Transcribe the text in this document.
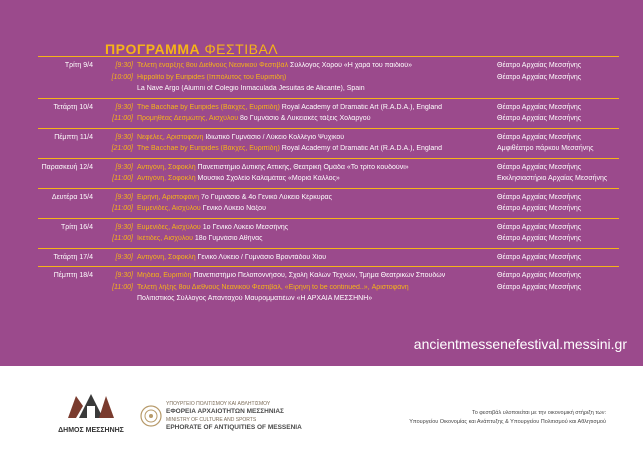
ΠΡΟΓΡΑΜΜΑ ΦΕΣΤΙΒΑΛ
Τρίτη 9/4	[9:30] Τελετή έναρξης 8ου Διεθνούς Νεανικού Φεστιβάλ Σύλλογος Χορού «Η χαρά του παιδιού»	Θέατρο Αρχαίας Μεσσήνης
[10:00] Hippolito by Euripides (Ιππόλυτος του Ευριπίδη)	Θέατρο Αρχαίας Μεσσήνης
La Nave Argo (Alumni of Colegio Inmaculada Jesuitas de Alicante), Spain
Τετάρτη 10/4	[9:30] The Bacchae by Euripides (Βάκχες, Ευριπίδη) Royal Academy of Dramatic Art (R.A.D.A.), England	Θέατρο Αρχαίας Μεσσήνης
[11:00] Προμηθέας Δεσμώτης, Αισχύλου 8ο Γυμνάσιο & Λυκειακές τάξεις Χολαργού	Θέατρο Αρχαίας Μεσσήνης
Πέμπτη 11/4	[9:30] Νεφέλες, Αριστοφάνη Ιδιωτικό Γυμνάσιο / Λύκειο Κολλέγιο Ψυχικού	Θέατρο Αρχαίας Μεσσήνης
[21:00] The Bacchae by Euripides (Βάκχες, Ευριπίδη) Royal Academy of Dramatic Art (R.A.D.A.), England	Αμφιθέατρο πάρκου Μεσσήνης
Παρασκευή 12/4	[9:30] Αντιγόνη, Σοφοκλή Πανεπιστήμιο Δυτικής Αττικής, Θεατρική Ομάδα «Το τρίτο κουδούνι»	Θέατρο Αρχαίας Μεσσήνης
[11:00] Αντιγόνη, Σοφοκλή Μουσικό Σχολείο Καλαμάτας «Μοριά Κάλλος»	Εκκλησιαστήριο Αρχαίας Μεσσήνης
Δευτέρα 15/4	[9:30] Ειρήνη, Αριστοφάνη 7ο Γυμνάσιο & 4ο Γενικό Λύκειο Κέρκυρας	Θέατρο Αρχαίας Μεσσήνης
[11:00] Ευμενίδες, Αισχύλου Γενικό Λύκειο Νάξου	Θέατρο Αρχαίας Μεσσήνης
Τρίτη 16/4	[9:30] Ευμενίδες, Αισχύλου 1ο Γενικό Λύκειο Μεσσήνης	Θέατρο Αρχαίας Μεσσήνης
[11:00] Ικέτιδες, Αισχύλου 18ο Γυμνάσιο Αθήνας	Θέατρο Αρχαίας Μεσσήνης
Τετάρτη 17/4	[9:30] Αντιγόνη, Σοφοκλή Γενικό Λύκειο / Γυμνάσιο Βροντάδου Χίου	Θέατρο Αρχαίας Μεσσήνης
Πέμπτη 18/4	[9:30] Μήδεια, Ευριπίδη Πανεπιστήμιο Πελοποννήσου, Σχολή Καλών Τεχνών, Τμήμα Θεατρικών Σπουδών	Θέατρο Αρχαίας Μεσσήνης
[11:00] Τελετή λήξης 8ου Διεθνούς Νεανικού Φεστιβάλ, «Ειρήνη to be continued..», Αριστοφάνη	Θέατρο Αρχαίας Μεσσήνης
Πολιτιστικός Σύλλογος Απανταχού Μαυρομματιέων «Η ΑΡΧΑΙΑ ΜΕΣΣΗΝΗ»
ancientmessenefestival.messini.gr
ΔΗΜΟΣ ΜΕΣΣΗΝΗΣ
ΥΠΟΥΡΓΕΙΟ ΠΟΛΙΤΙΣΜΟΥ ΚΑΙ ΑΘΛΗΤΙΣΜΟΥ
ΕΦΟΡΕΙΑ ΑΡΧΑΙΟΤΗΤΩΝ ΜΕΣΣΗΝΙΑΣ
MINISTRY OF CULTURE AND SPORTS
EPHORATE OF ANTIQUITIES OF MESSENIA
Το φεστιβάλ υλοποιείται με την οικονομική στήριξη των:
Υπουργείου Οικονομίας και Ανάπτυξης & Υπουργείου Πολιτισμού και Αθλητισμού
